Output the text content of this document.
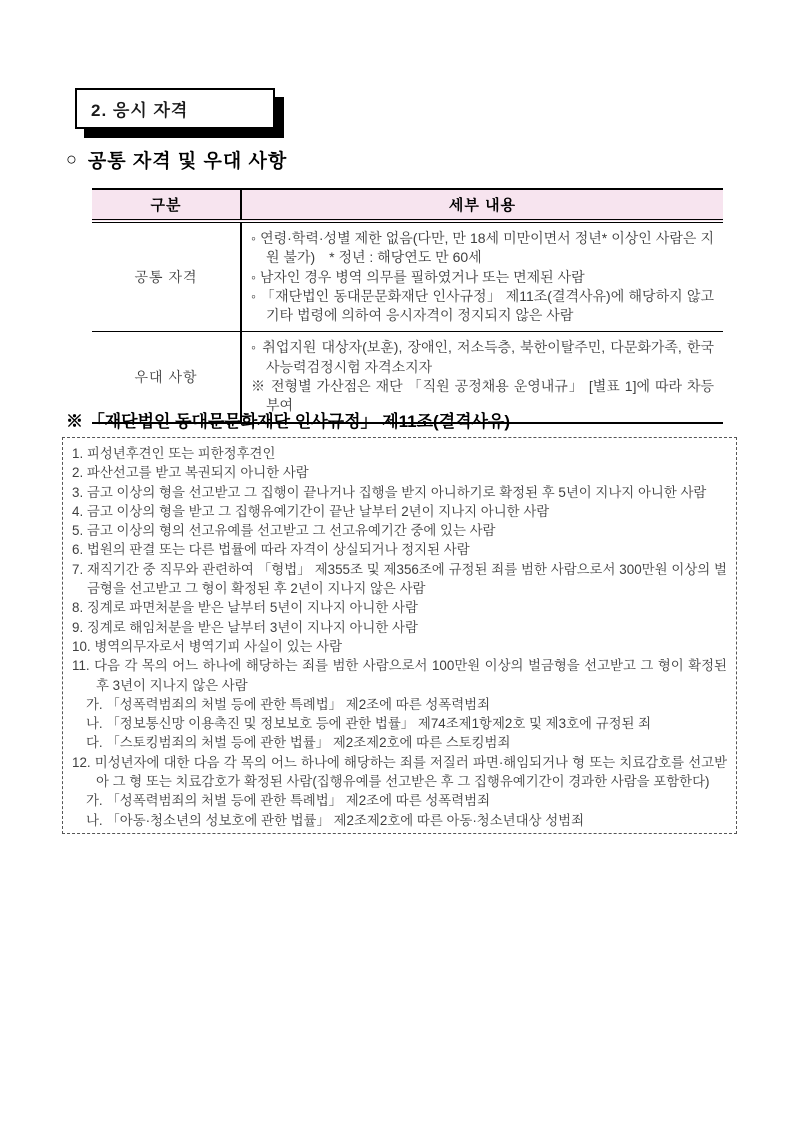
2. 응시 자격
○ 공통 자격 및 우대 사항
구분	세부 내용
공통 자격	◦ 연령·학력·성별 제한 없음(다만, 만 18세 미만이면서 정년* 이상인 사람은 지원 불가) * 정년 : 해당연도 만 60세
◦ 남자인 경우 병역 의무를 필하였거나 또는 면제된 사람
◦ 「재단법인 동대문문화재단 인사규정」 제11조(결격사유)에 해당하지 않고 기타 법령에 의하여 응시자격이 정지되지 않은 사람

우대 사항	◦ 취업지원 대상자(보훈), 장애인, 저소득층, 북한이탈주민, 다문화가족, 한국사능력검정시험 자격소지자
※ 전형별 가산점은 재단 「직원 공정채용 운영내규」 [별표 1]에 따라 차등 부여
※ 「재단법인 동대문문화재단 인사규정」 제11조(결격사유)
1. 피성년후견인 또는 피한정후견인
2. 파산선고를 받고 복권되지 아니한 사람
3. 금고 이상의 형을 선고받고 그 집행이 끝나거나 집행을 받지 아니하기로 확정된 후 5년이 지나지 아니한 사람
4. 금고 이상의 형을 받고 그 집행유예기간이 끝난 날부터 2년이 지나지 아니한 사람
5. 금고 이상의 형의 선고유예를 선고받고 그 선고유예기간 중에 있는 사람
6. 법원의 판결 또는 다른 법률에 따라 자격이 상실되거나 정지된 사람
7. 재직기간 중 직무와 관련하여 「형법」 제355조 및 제356조에 규정된 죄를 범한 사람으로서 300만원 이상의 벌금형을 선고받고 그 형이 확정된 후 2년이 지나지 않은 사람
8. 징계로 파면처분을 받은 날부터 5년이 지나지 아니한 사람
9. 징계로 해임처분을 받은 날부터 3년이 지나지 아니한 사람
10. 병역의무자로서 병역기피 사실이 있는 사람
11. 다음 각 목의 어느 하나에 해당하는 죄를 범한 사람으로서 100만원 이상의 벌금형을 선고받고 그 형이 확정된 후 3년이 지나지 않은 사람
가. 「성폭력범죄의 처벌 등에 관한 특례법」 제2조에 따른 성폭력범죄
나. 「정보통신망 이용촉진 및 정보보호 등에 관한 법률」 제74조제1항제2호 및 제3호에 규정된 죄
다. 「스토킹범죄의 처벌 등에 관한 법률」 제2조제2호에 따른 스토킹범죄
12. 미성년자에 대한 다음 각 목의 어느 하나에 해당하는 죄를 저질러 파면·해임되거나 형 또는 치료감호를 선고받아 그 형 또는 치료감호가 확정된 사람(집행유예를 선고받은 후 그 집행유예기간이 경과한 사람을 포함한다)
가. 「성폭력범죄의 처벌 등에 관한 특례법」 제2조에 따른 성폭력범죄
나. 「아동·청소년의 성보호에 관한 법률」 제2조제2호에 따른 아동·청소년대상 성범죄
